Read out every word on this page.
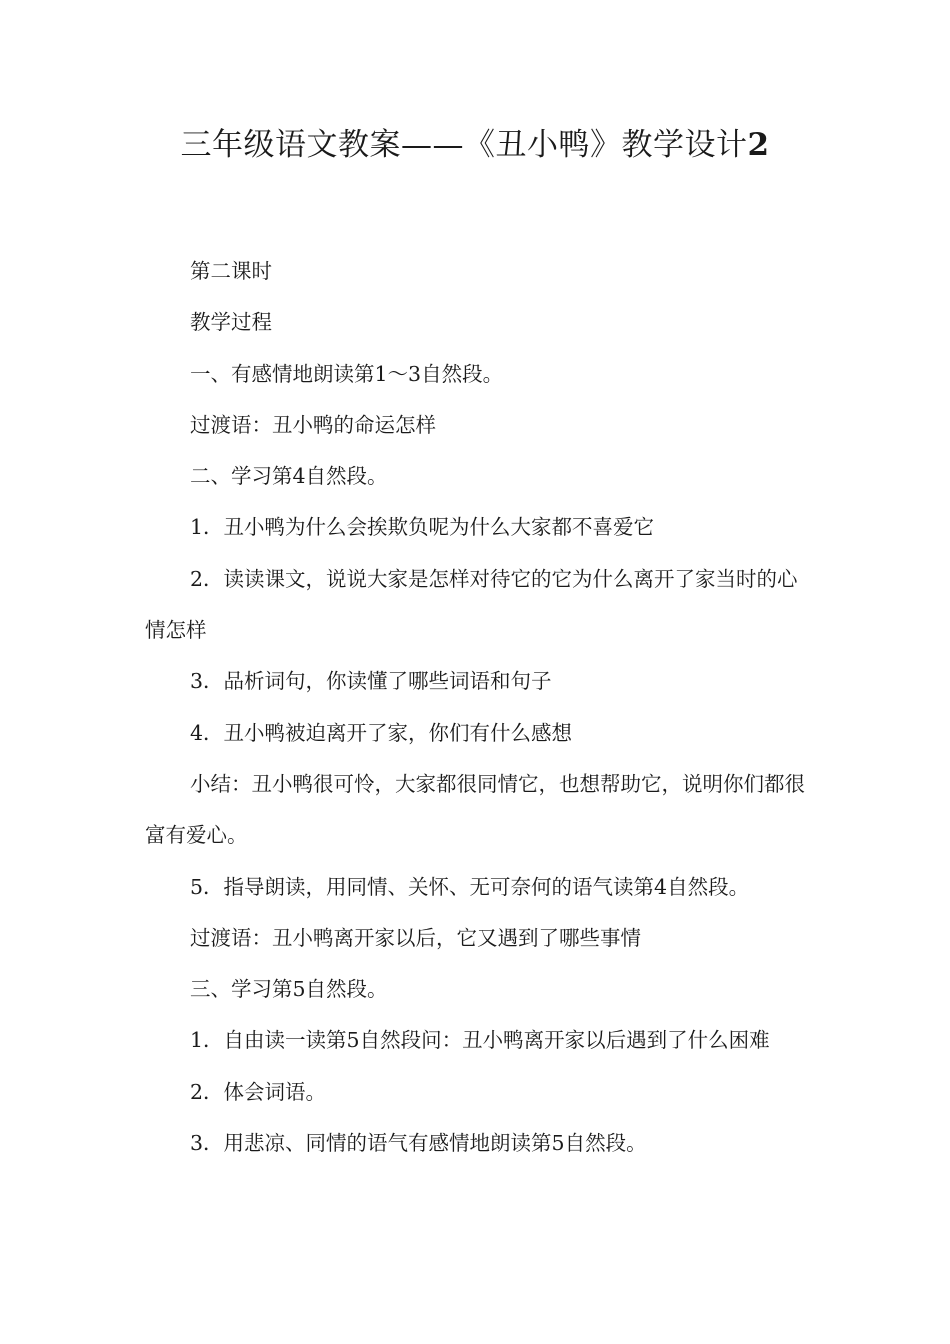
三年级语文教案——《丑小鸭》教学设计2

第二课时

教学过程

一、有感情地朗读第1～3自然段。

过渡语：丑小鸭的命运怎样

二、学习第4自然段。

1．丑小鸭为什么会挨欺负呢为什么大家都不喜爱它

2．读读课文，说说大家是怎样对待它的它为什么离开了家当时的心情怎样

3．品析词句，你读懂了哪些词语和句子

4．丑小鸭被迫离开了家，你们有什么感想

小结：丑小鸭很可怜，大家都很同情它，也想帮助它，说明你们都很富有爱心。

5．指导朗读，用同情、关怀、无可奈何的语气读第4自然段。

过渡语：丑小鸭离开家以后，它又遇到了哪些事情

三、学习第5自然段。

1．自由读一读第5自然段问：丑小鸭离开家以后遇到了什么困难

2．体会词语。

3．用悲凉、同情的语气有感情地朗读第5自然段。
